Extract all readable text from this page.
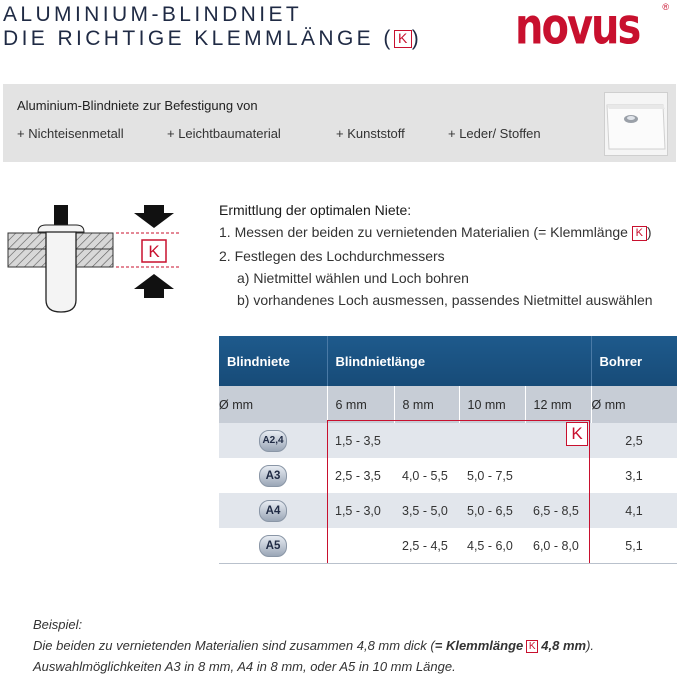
ALUMINIUM-BLINDNIET
DIE RICHTIGE KLEMMLÄNGE ( K ) novus	®
Aluminium-Blindniete zur Befestigung von
+ Nichteisenmetall	+ Leichtbaumaterial	+ Kunststoff	+ Leder/ Stoffen
K
Ermittlung der optimalen Niete:
1. Messen der beiden zu vernietenden Materialien (= Klemmlänge K )
2. Festlegen des Lochdurchmessers
a) Nietmittel wählen und Loch bohren
b) vorhandenes Loch ausmessen, passendes Nietmittel auswählen
Blindniete	Blindnietlänge				Bohrer
Ø mm	6 mm	8 mm	10 mm	12 mm	Ø mm
A2,4	1,5 - 3,5				2,5
A3	2,5 - 3,5	4,0 - 5,5	5,0 - 7,5		3,1
A4	1,5 - 3,0	3,5 - 5,0	5,0 - 6,5	6,5 - 8,5	4,1
A5		2,5 - 4,5	4,5 - 6,0	6,0 - 8,0	5,1
K
Beispiel:
Die beiden zu vernietenden Materialien sind zusammen 4,8 mm dick (= Klemmlänge K 4,8 mm).
Auswahlmöglichkeiten A3 in 8 mm, A4 in 8 mm, oder A5 in 10 mm Länge.
